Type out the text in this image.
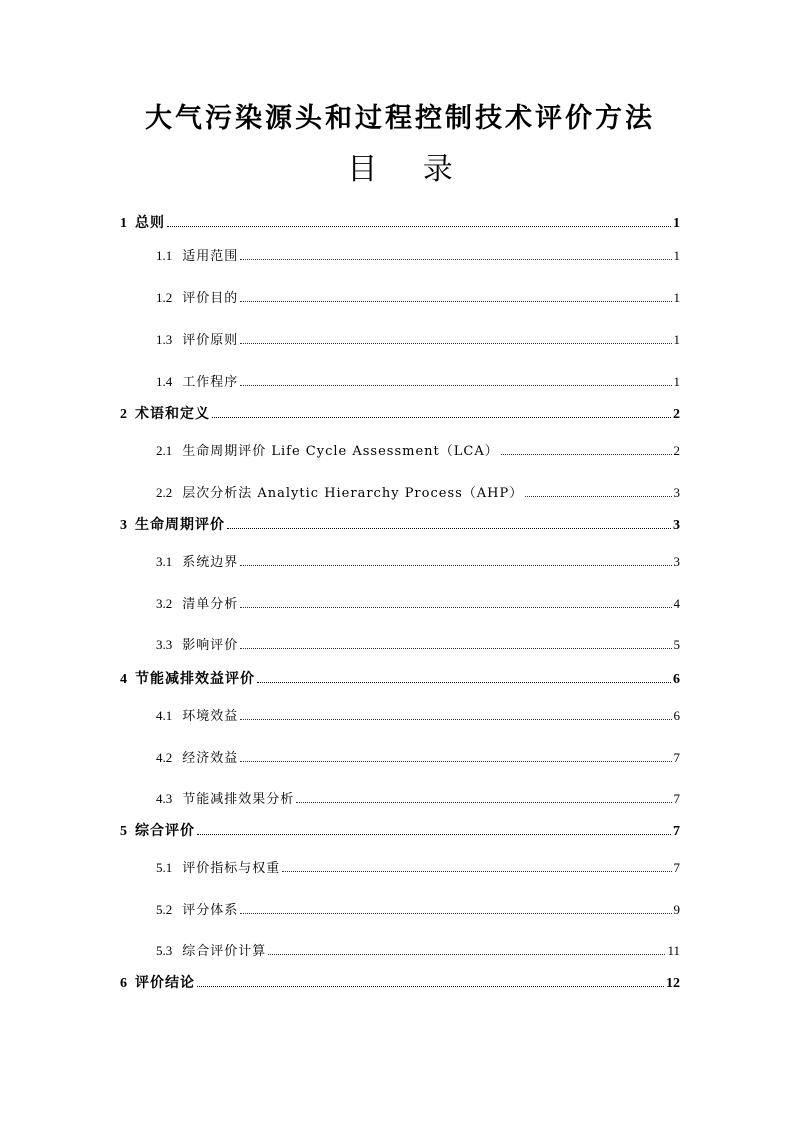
大气污染源头和过程控制技术评价方法
目 录
1 总则	1
1.1 适用范围	1
1.2 评价目的	1
1.3 评价原则	1
1.4 工作程序	1
2 术语和定义	2
2.1 生命周期评价 Life Cycle Assessment（LCA）	2
2.2 层次分析法 Analytic Hierarchy Process（AHP）	3
3 生命周期评价	3
3.1 系统边界	3
3.2 清单分析	4
3.3 影响评价	5
4 节能减排效益评价	6
4.1 环境效益	6
4.2 经济效益	7
4.3 节能减排效果分析	7
5 综合评价	7
5.1 评价指标与权重	7
5.2 评分体系	9
5.3 综合评价计算	11
6 评价结论	12
